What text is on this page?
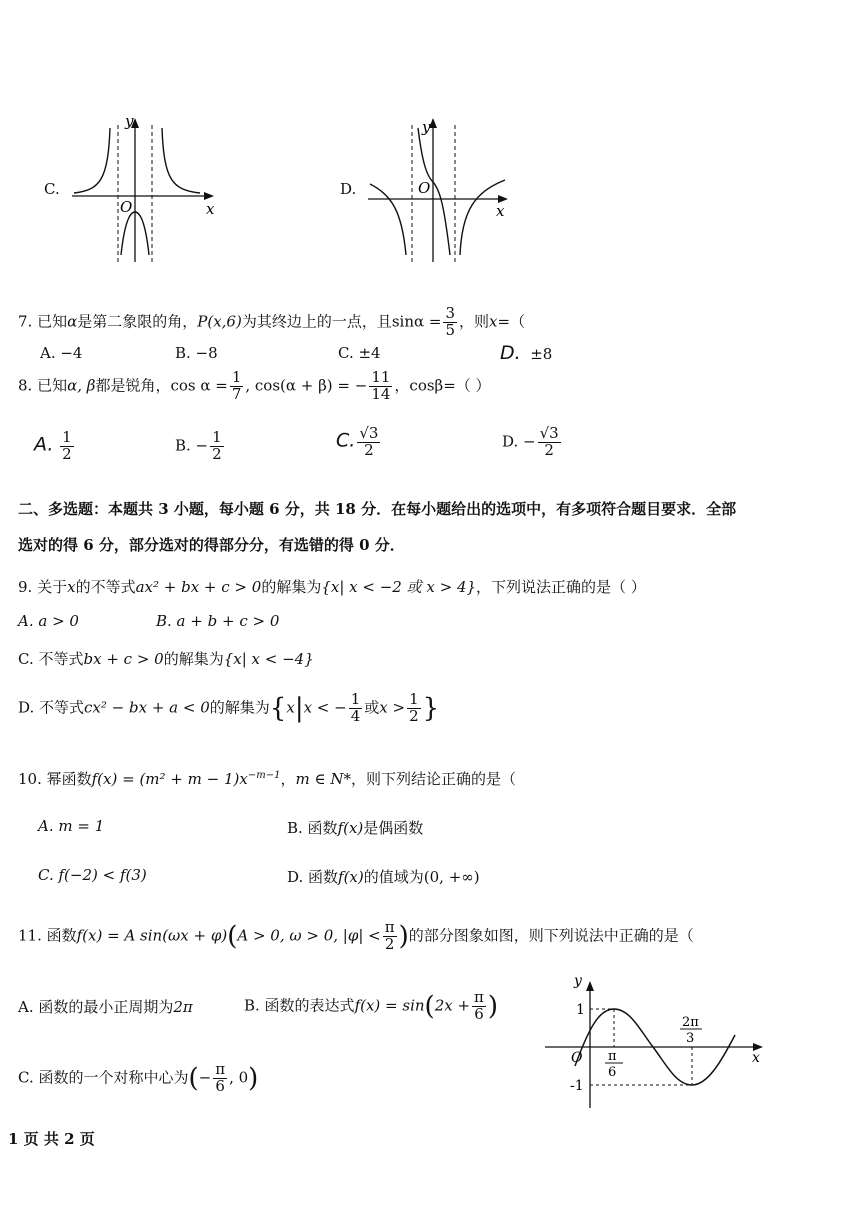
C.
x
y
O
D.
x
y
O
7. 已知α是第二象限的角，P(x,6)为其终边上的一点，且$\sin\alpha = \frac{3}{5}$ ，则x=（
A. −4	B. −8	C. ±4	D. ±8
8. 已知α, β都是锐角，$\cos \alpha = \frac{1}{7}$ , cos(α + β) = − $\frac{11}{14}$ ，cosβ=（ ）
A. $\frac{1}{2}$	B. − $\frac{1}{2}$	C. $\frac{√3}{2}$	D. − $\frac{√3}{2}$
二、多选题：本题共 3 小题，每小题 6 分，共 18 分．在每小题给出的选项中，有多项符合题目要求．全部
选对的得 6 分，部分选对的得部分分，有选错的得 0 分．
9. 关于x的不等式ax² + bx + c > 0的解集为{x| x < −2 或 x > 4}，下列说法正确的是（ ）
A. a > 0	B. a + b + c > 0
C. 不等式bx + c > 0的解集为{x| x < −4}
D. 不等式cx² − bx + a < 0的解集为{x|x < − $\frac{1}{4}$ 或$x > \frac{1}{2}$ }
10. 幂函数$f(x) = (m^2 + m - 1)x^{-m-1}$，m ∈ N*，则下列结论正确的是（
A. m = 1	B. 函数f(x)是偶函数
C. f(−2) < f(3)	D. 函数f(x)的值域为(0, +∞)
11. 函数f(x) = A sin(ωx + φ)(A > 0, ω > 0, $|\varphi| < \frac{\pi}{2}$ )的部分图象如图，则下列说法中正确的是（
A. 函数的最小正周期为2π	B. 函数的表达式$f(x) = \sin(2x + \frac{\pi}{6}$ )
C. 函数的一个对称中心为(− $\frac{\pi}{6}$ , 0)
y
x
O
1
-1
π
6
2π
3
1 页 共 2 页
